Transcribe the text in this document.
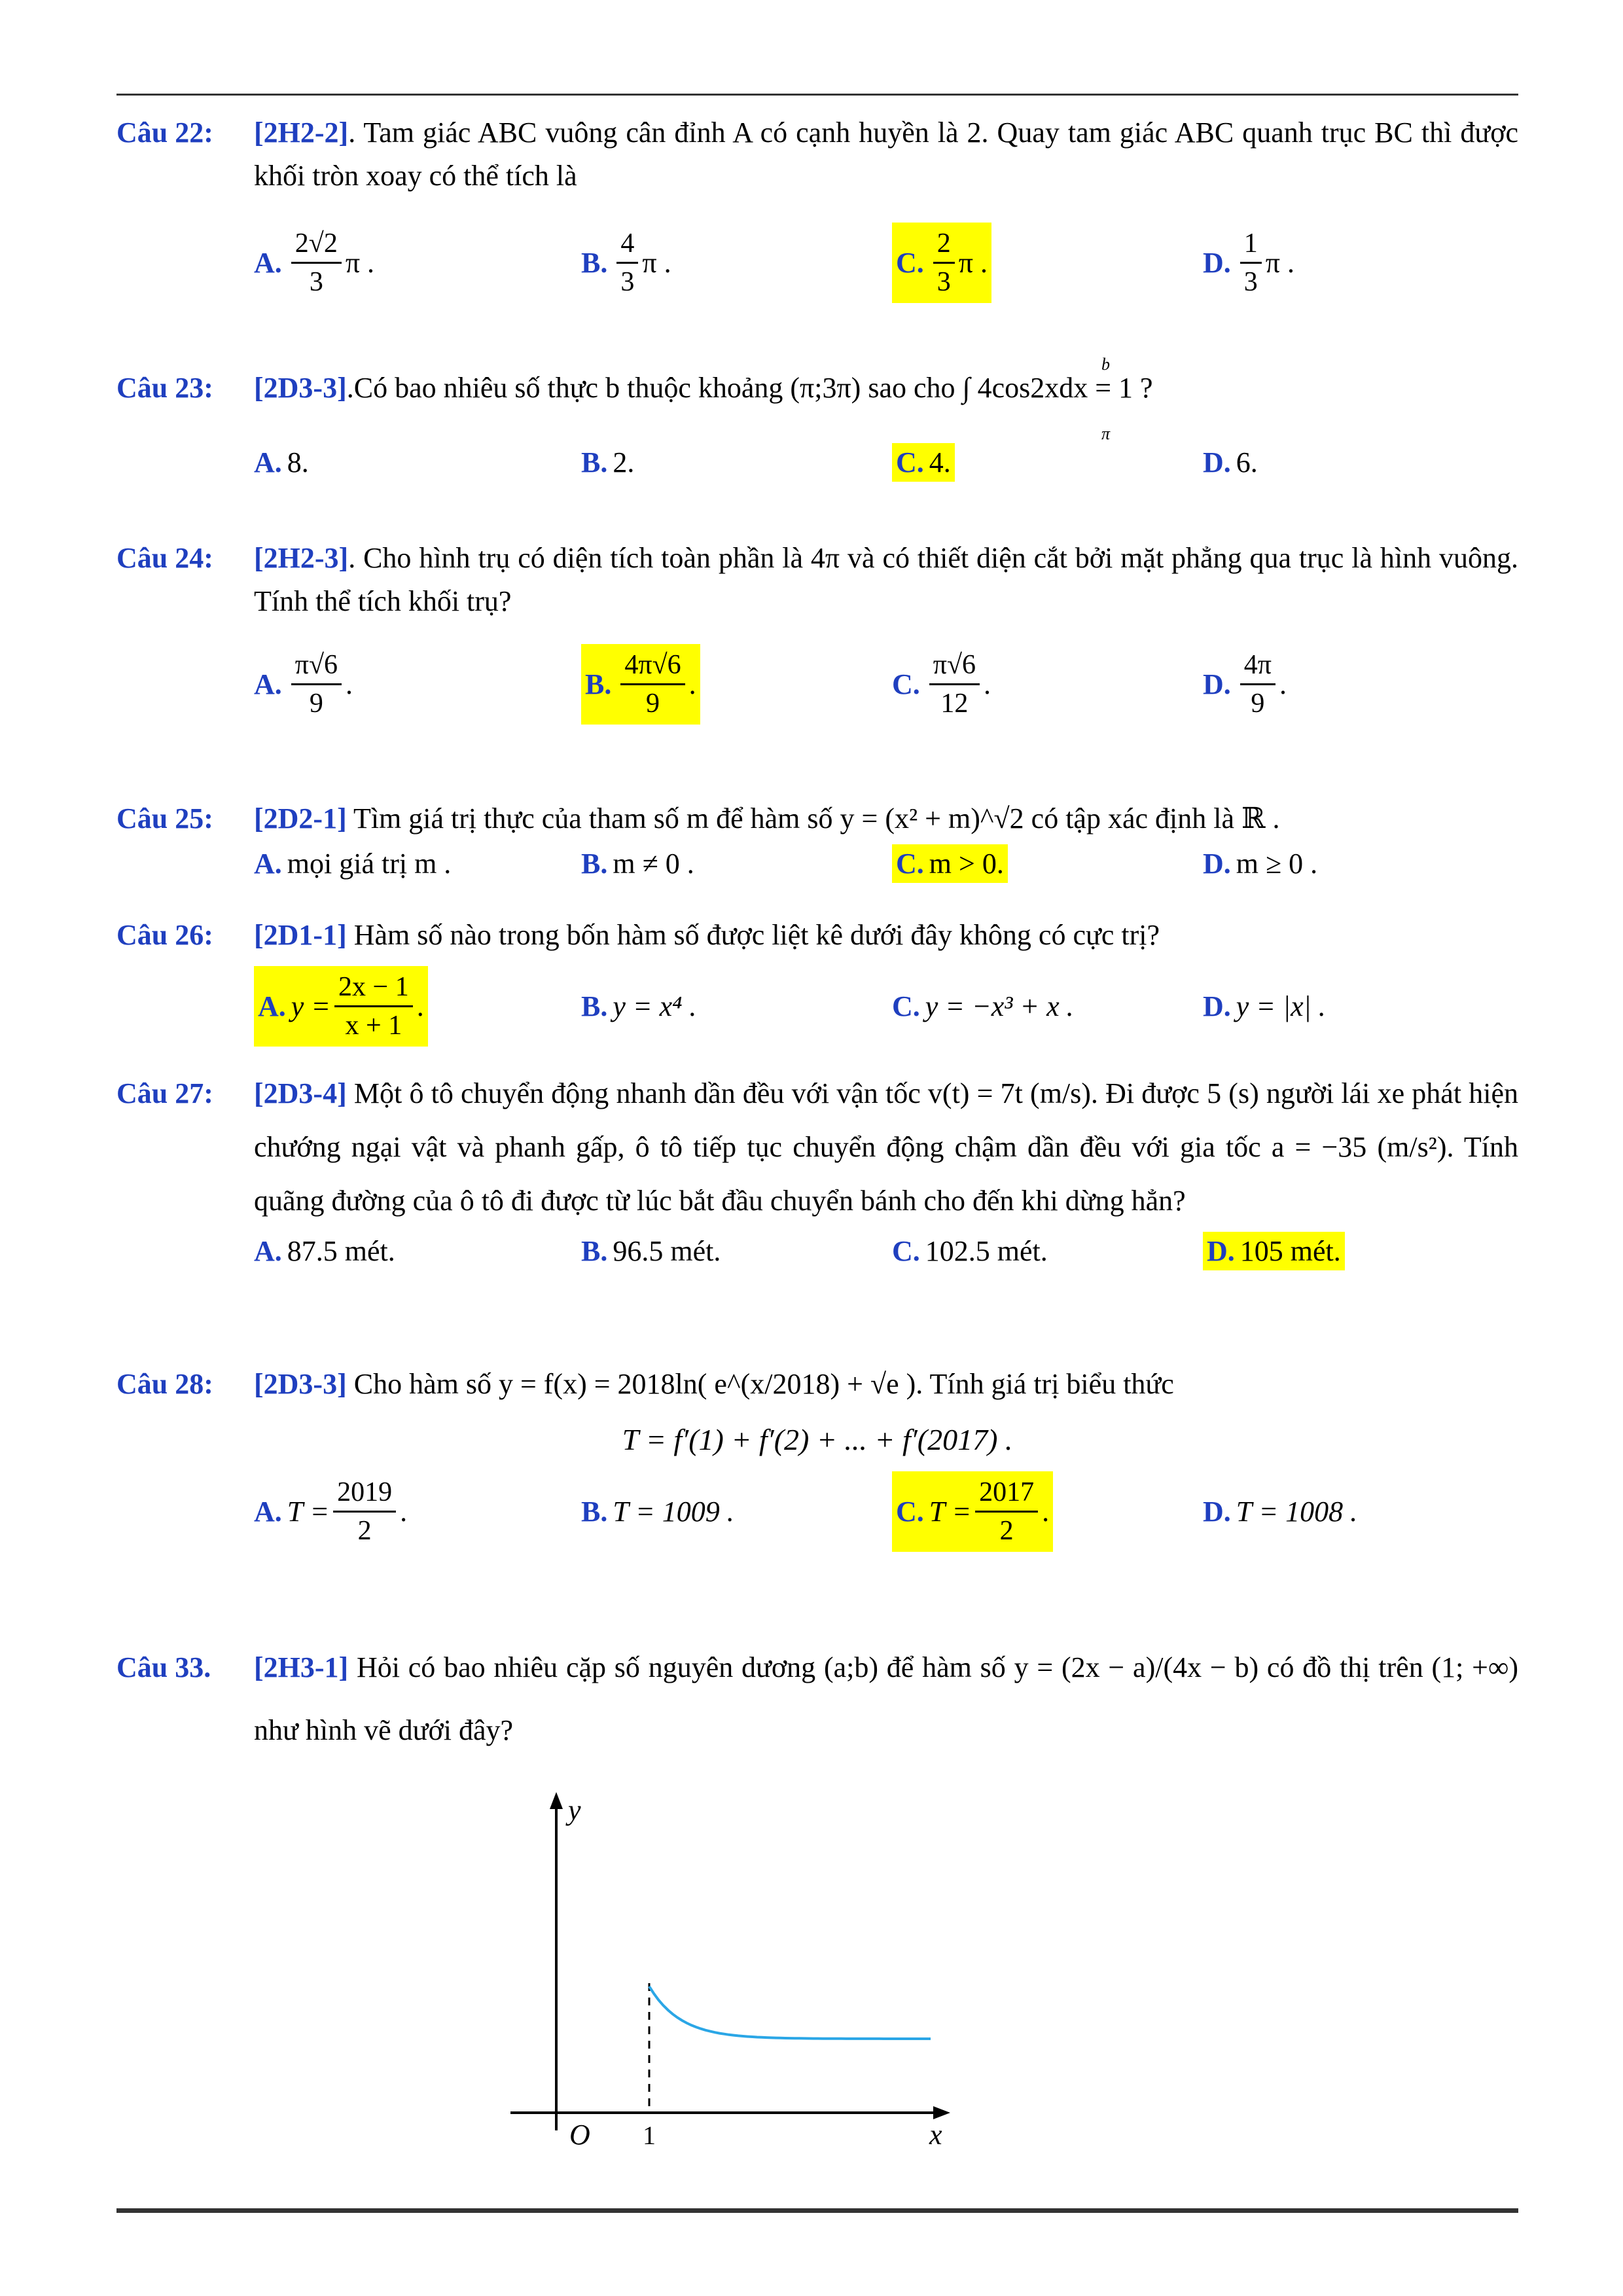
Câu 22: [2H2-2]. Tam giác ABC vuông cân đỉnh A có cạnh huyền là 2. Quay tam giác ABC quanh trục BC thì được khối tròn xoay có thể tích là
A. $\frac{2√2}{3}$ π .	B. $\frac{4}{3}$ π .	C. $\frac{2}{3}$ π .	D. $\frac{1}{3}$ π .
Câu 23: [2D3-3].Có bao nhiêu số thực b thuộc khoảng (π;3π) sao cho ∫ 4cos2xdx = 1 ?
b
π
A. 8.	B. 2.	C. 4.	D. 6.
Câu 24: [2H2-3]. Cho hình trụ có diện tích toàn phần là 4π và có thiết diện cắt bởi mặt phẳng qua trục là hình vuông. Tính thể tích khối trụ?
A. $\frac{\pi√6}{9}$ .	B. $\frac{4\pi√6}{9}$ .	C. $\frac{\pi√6}{12}$ .	D. $\frac{4\pi}{9}$ .
Câu 25: [2D2-1] Tìm giá trị thực của tham số m để hàm số y = (x² + m)^√2 có tập xác định là ℝ .
A. mọi giá trị m .	B. m ≠ 0 .	C. m > 0.	D. m ≥ 0 .
Câu 26: [2D1-1] Hàm số nào trong bốn hàm số được liệt kê dưới đây không có cực trị?
A. $y = \frac{2x - 1}{x + 1}$ .	B. y = x⁴ .	C. y = −x³ + x .	D. y = |x| .
Câu 27: [2D3-4] Một ô tô chuyển động nhanh dần đều với vận tốc v(t) = 7t (m/s). Đi được 5 (s) người lái xe phát hiện chướng ngại vật và phanh gấp, ô tô tiếp tục chuyển động chậm dần đều với gia tốc a = −35 (m/s²). Tính quãng đường của ô tô đi được từ lúc bắt đầu chuyển bánh cho đến khi dừng hẳn?
A. 87.5 mét.	B. 96.5 mét.	C. 102.5 mét.	D. 105 mét.
Câu 28: [2D3-3] Cho hàm số y = f(x) = 2018ln( e^(x/2018) + √e ). Tính giá trị biểu thức
T = f′(1) + f′(2) + ... + f′(2017) .
A. $T = \frac{2019}{2}$ .	B. T = 1009 .	C. $T = \frac{2017}{2}$ .	D. T = 1008 .
Câu 33. [2H3-1] Hỏi có bao nhiêu cặp số nguyên dương (a;b) để hàm số y = (2x − a)/(4x − b) có đồ thị trên (1; +∞) như hình vẽ dưới đây?
y
x
O 1
